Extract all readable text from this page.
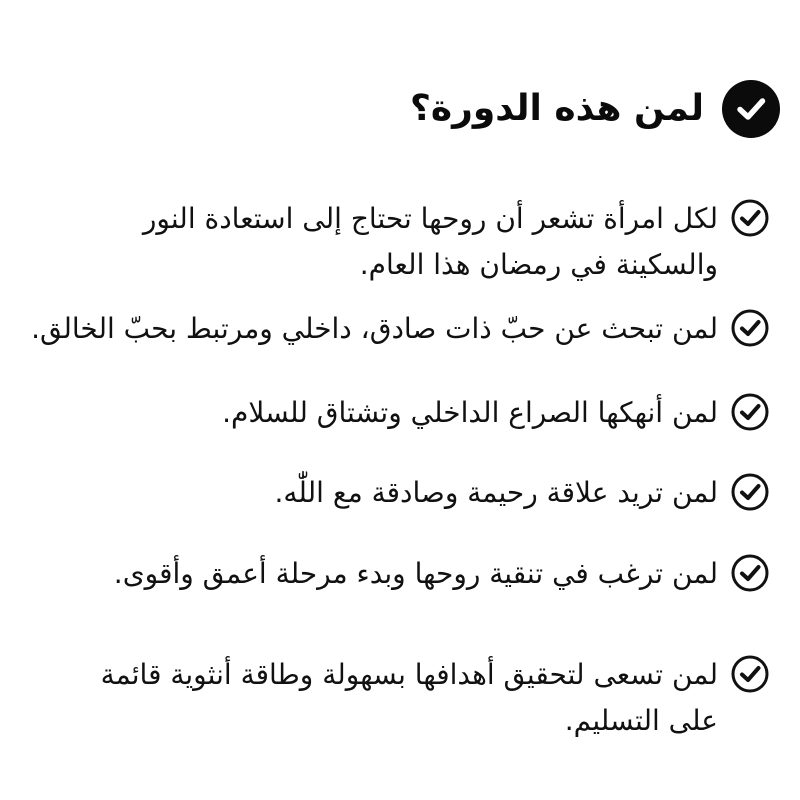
لمن هذه الدورة؟
لكل امرأة تشعر أن روحها تحتاج إلى استعادة النور والسكينة في رمضان هذا العام.
لمن تبحث عن حبّ ذات صادق، داخلي ومرتبط بحبّ الخالق.
لمن أنهكها الصراع الداخلي وتشتاق للسلام.
لمن تريد علاقة رحيمة وصادقة مع اللّٰه.
لمن ترغب في تنقية روحها وبدء مرحلة أعمق وأقوى.
لمن تسعى لتحقيق أهدافها بسهولة وطاقة أنثوية قائمة على التسليم.
